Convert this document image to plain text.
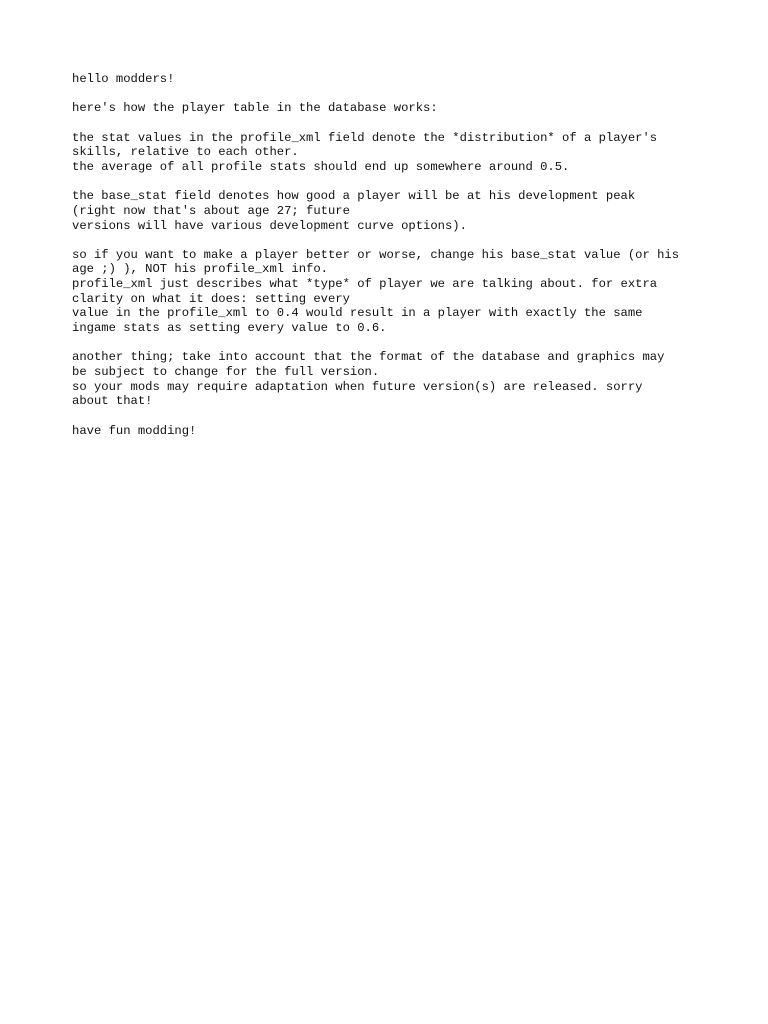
hello modders!
here's how the player table in the database works:
the stat values in the profile_xml field denote the *distribution* of a player's
skills, relative to each other.
the average of all profile stats should end up somewhere around 0.5.
the base_stat field denotes how good a player will be at his development peak
(right now that's about age 27; future
versions will have various development curve options).
so if you want to make a player better or worse, change his base_stat value (or his
age ;) ), NOT his profile_xml info.
profile_xml just describes what *type* of player we are talking about. for extra
clarity on what it does: setting every
value in the profile_xml to 0.4 would result in a player with exactly the same
ingame stats as setting every value to 0.6.
another thing; take into account that the format of the database and graphics may
be subject to change for the full version.
so your mods may require adaptation when future version(s) are released. sorry
about that!
have fun modding!
